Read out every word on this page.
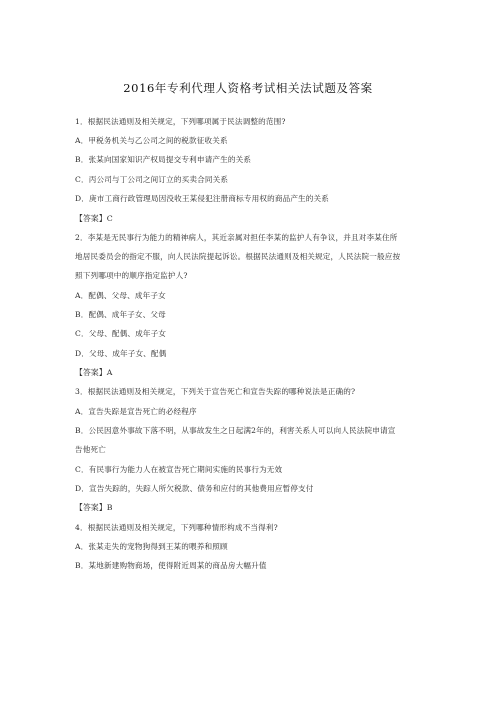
2016年专利代理人资格考试相关法试题及答案
1．根据民法通则及相关规定，下列哪项属于民法调整的范围?
A．甲税务机关与乙公司之间的税款征收关系
B．张某向国家知识产权局提交专利申请产生的关系
C．丙公司与丁公司之间订立的买卖合同关系
D．庚市工商行政管理局因没收王某侵犯注册商标专用权的商品产生的关系
【答案】C
2．李某是无民事行为能力的精神病人，其近亲属对担任李某的监护人有争议，并且对李某住所
地居民委员会的指定不服，向人民法院提起诉讼。根据民法通则及相关规定，人民法院一般应按
照下列哪项中的顺序指定监护人?
A．配偶、父母、成年子女
B．配偶、成年子女、父母
C．父母、配偶、成年子女
D．父母、成年子女、配偶
【答案】A
3．根据民法通则及相关规定，下列关于宣告死亡和宣告失踪的哪种说法是正确的?
A．宣告失踪是宣告死亡的必经程序
B．公民因意外事故下落不明，从事故发生之日起满2年的，利害关系人可以向人民法院申请宣
告他死亡
C．有民事行为能力人在被宣告死亡期间实施的民事行为无效
D．宣告失踪的，失踪人所欠税款、债务和应付的其他费用应暂停支付
【答案】B
4．根据民法通则及相关规定，下列哪种情形构成不当得利?
A．张某走失的宠物狗得到王某的喂养和照顾
B．某地新建购物商场，使得附近周某的商品房大幅升值
